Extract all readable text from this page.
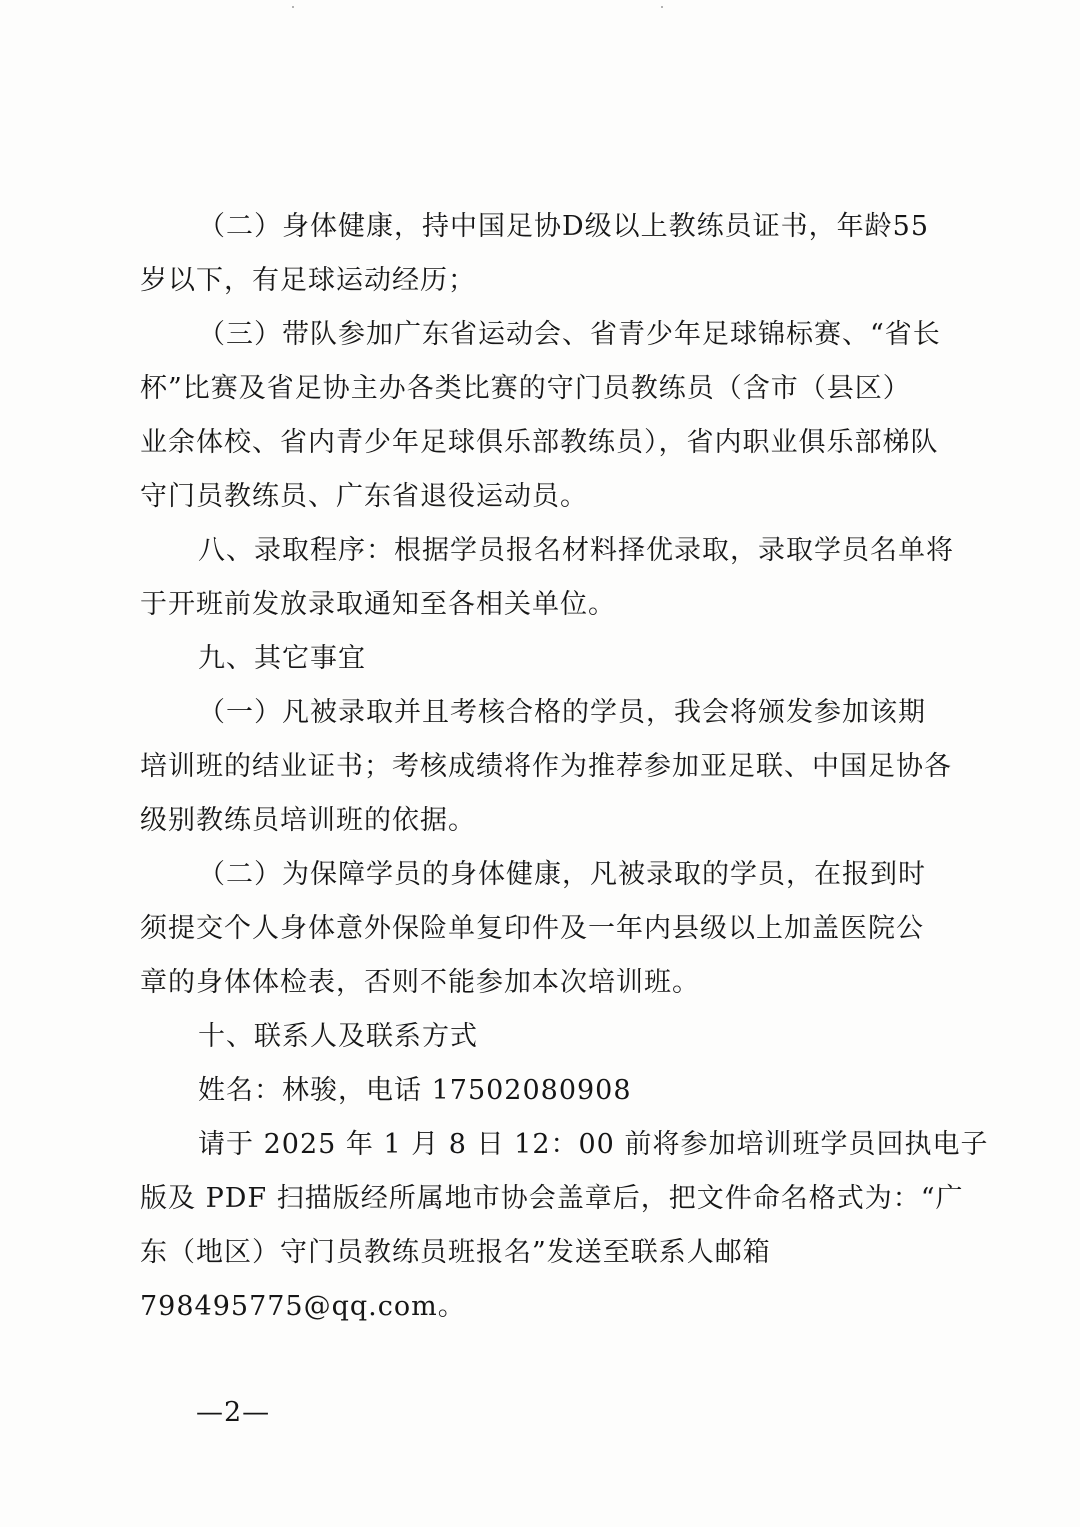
（二）身体健康，持中国足协D级以上教练员证书，年龄55
岁以下，有足球运动经历；
（三）带队参加广东省运动会、省青少年足球锦标赛、“省长
杯”比赛及省足协主办各类比赛的守门员教练员（含市（县区）
业余体校、省内青少年足球俱乐部教练员），省内职业俱乐部梯队
守门员教练员、广东省退役运动员。
八、录取程序：根据学员报名材料择优录取，录取学员名单将
于开班前发放录取通知至各相关单位。
九、其它事宜
（一）凡被录取并且考核合格的学员，我会将颁发参加该期
培训班的结业证书；考核成绩将作为推荐参加亚足联、中国足协各
级别教练员培训班的依据。
（二）为保障学员的身体健康，凡被录取的学员，在报到时
须提交个人身体意外保险单复印件及一年内县级以上加盖医院公
章的身体体检表，否则不能参加本次培训班。
十、联系人及联系方式
姓名：林骏，电话 17502080908
请于 2025 年 1 月 8 日 12：00 前将参加培训班学员回执电子
版及 PDF 扫描版经所属地市协会盖章后，把文件命名格式为：“广
东（地区）守门员教练员班报名”发送至联系人邮箱
798495775@qq.com。
—2—
